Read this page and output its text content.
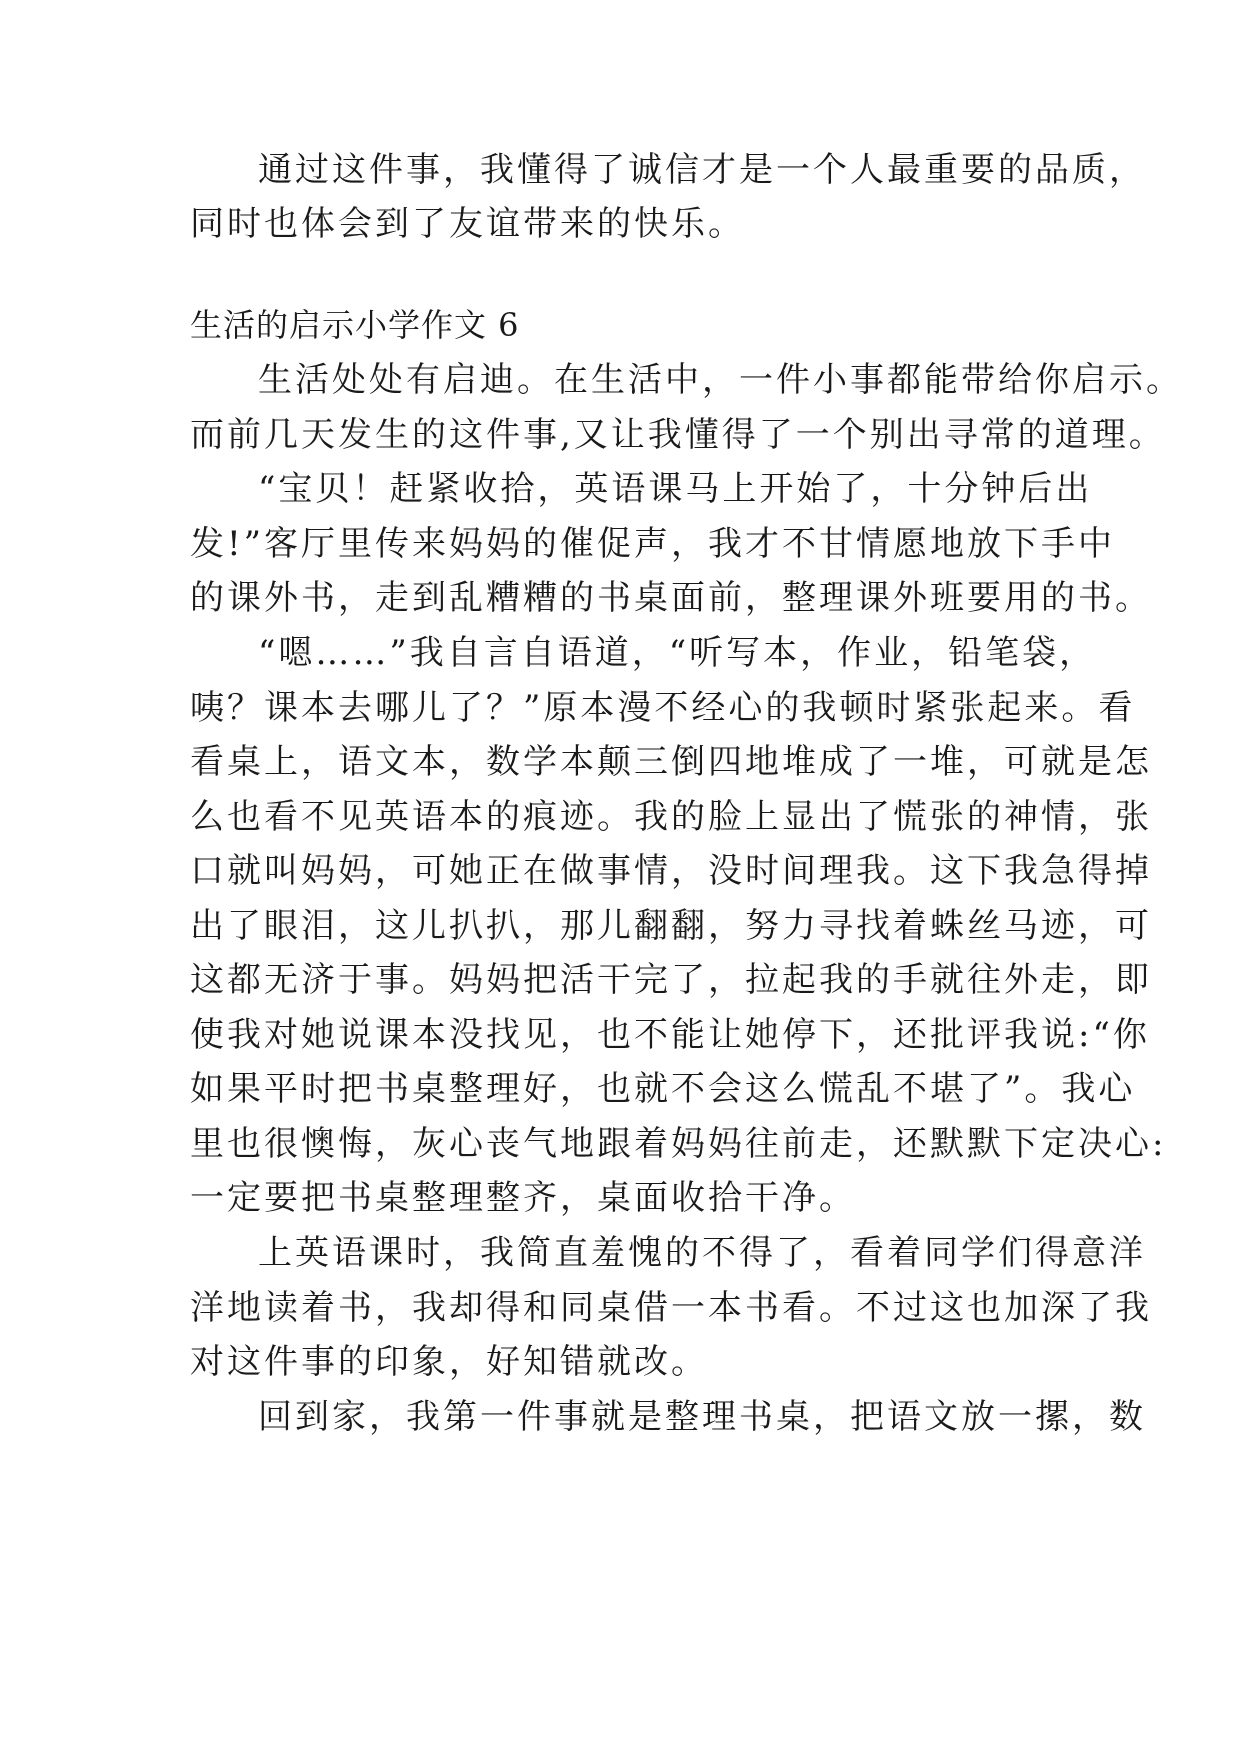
通过这件事，我懂得了诚信才是一个人最重要的品质，

同时也体会到了友谊带来的快乐。

生活的启示小学作文 6

生活处处有启迪。在生活中，一件小事都能带给你启示。

而前几天发生的这件事,又让我懂得了一个别出寻常的道理。

“宝贝！赶紧收拾，英语课马上开始了，十分钟后出

发!”客厅里传来妈妈的催促声，我才不甘情愿地放下手中

的课外书，走到乱糟糟的书桌面前，整理课外班要用的书。

“嗯……”我自言自语道，“听写本，作业，铅笔袋，

咦？课本去哪儿了？”原本漫不经心的我顿时紧张起来。看

看桌上，语文本，数学本颠三倒四地堆成了一堆，可就是怎

么也看不见英语本的痕迹。我的脸上显出了慌张的神情，张

口就叫妈妈，可她正在做事情，没时间理我。这下我急得掉

出了眼泪，这儿扒扒，那儿翻翻，努力寻找着蛛丝马迹，可

这都无济于事。妈妈把活干完了，拉起我的手就往外走，即

使我对她说课本没找见，也不能让她停下，还批评我说:“你

如果平时把书桌整理好，也就不会这么慌乱不堪了”。我心

里也很懊悔，灰心丧气地跟着妈妈往前走，还默默下定决心:

一定要把书桌整理整齐，桌面收拾干净。

上英语课时，我简直羞愧的不得了，看着同学们得意洋

洋地读着书，我却得和同桌借一本书看。不过这也加深了我

对这件事的印象，好知错就改。

回到家，我第一件事就是整理书桌，把语文放一摞，数
